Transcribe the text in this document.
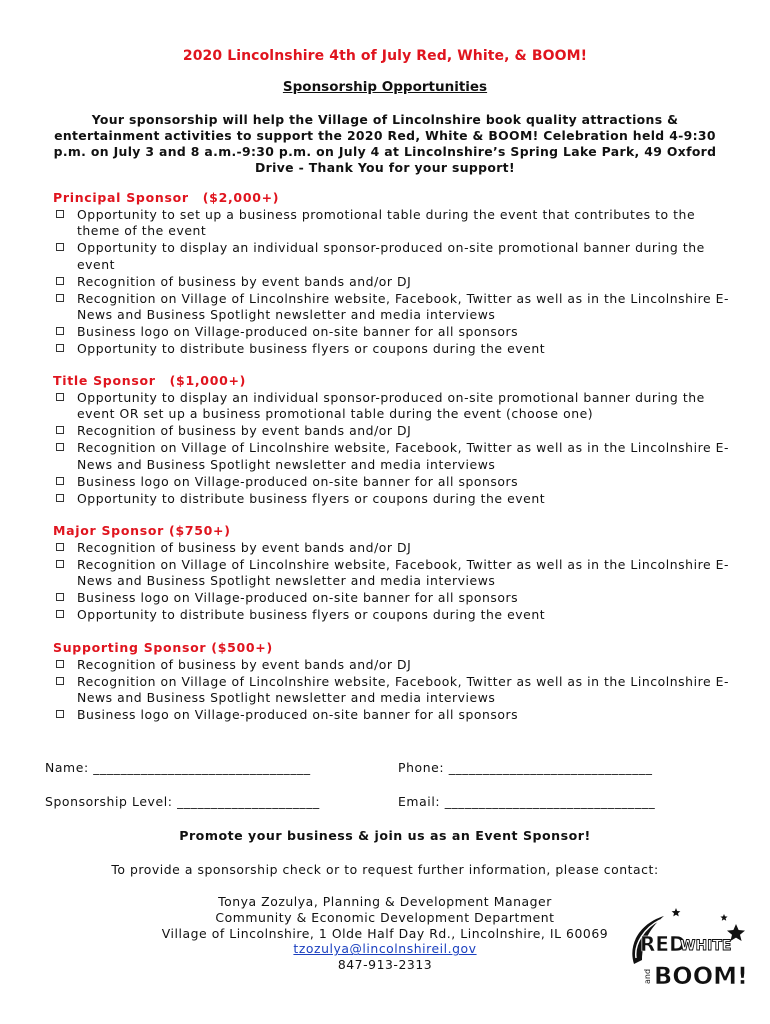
2020 Lincolnshire 4th of July Red, White, & BOOM!
Sponsorship Opportunities
Your sponsorship will help the Village of Lincolnshire book quality attractions & entertainment activities to support the 2020 Red, White & BOOM! Celebration held 4-9:30 p.m. on July 3 and 8 a.m.-9:30 p.m. on July 4 at Lincolnshire’s Spring Lake Park, 49 Oxford Drive - Thank You for your support!
Principal Sponsor ($2,000+)
Opportunity to set up a business promotional table during the event that contributes to the theme of the event
Opportunity to display an individual sponsor-produced on-site promotional banner during the event
Recognition of business by event bands and/or DJ
Recognition on Village of Lincolnshire website, Facebook, Twitter as well as in the Lincolnshire E-News and Business Spotlight newsletter and media interviews
Business logo on Village-produced on-site banner for all sponsors
Opportunity to distribute business flyers or coupons during the event
Title Sponsor ($1,000+)
Opportunity to display an individual sponsor-produced on-site promotional banner during the event OR set up a business promotional table during the event (choose one)
Recognition of business by event bands and/or DJ
Recognition on Village of Lincolnshire website, Facebook, Twitter as well as in the Lincolnshire E-News and Business Spotlight newsletter and media interviews
Business logo on Village-produced on-site banner for all sponsors
Opportunity to distribute business flyers or coupons during the event
Major Sponsor ($750+)
Recognition of business by event bands and/or DJ
Recognition on Village of Lincolnshire website, Facebook, Twitter as well as in the Lincolnshire E-News and Business Spotlight newsletter and media interviews
Business logo on Village-produced on-site banner for all sponsors
Opportunity to distribute business flyers or coupons during the event
Supporting Sponsor ($500+)
Recognition of business by event bands and/or DJ
Recognition on Village of Lincolnshire website, Facebook, Twitter as well as in the Lincolnshire E-News and Business Spotlight newsletter and media interviews
Business logo on Village-produced on-site banner for all sponsors
Name: ________________________________	Phone: ______________________________
Sponsorship Level: _____________________	Email: _______________________________
Promote your business & join us as an Event Sponsor!
To provide a sponsorship check or to request further information, please contact:
Tonya Zozulya, Planning & Development Manager
Community & Economic Development Department
Village of Lincolnshire, 1 Olde Half Day Rd., Lincolnshire, IL 60069
tzozulya@lincolnshireil.gov
847-913-2313
RED
WHITE
and BOOM!
